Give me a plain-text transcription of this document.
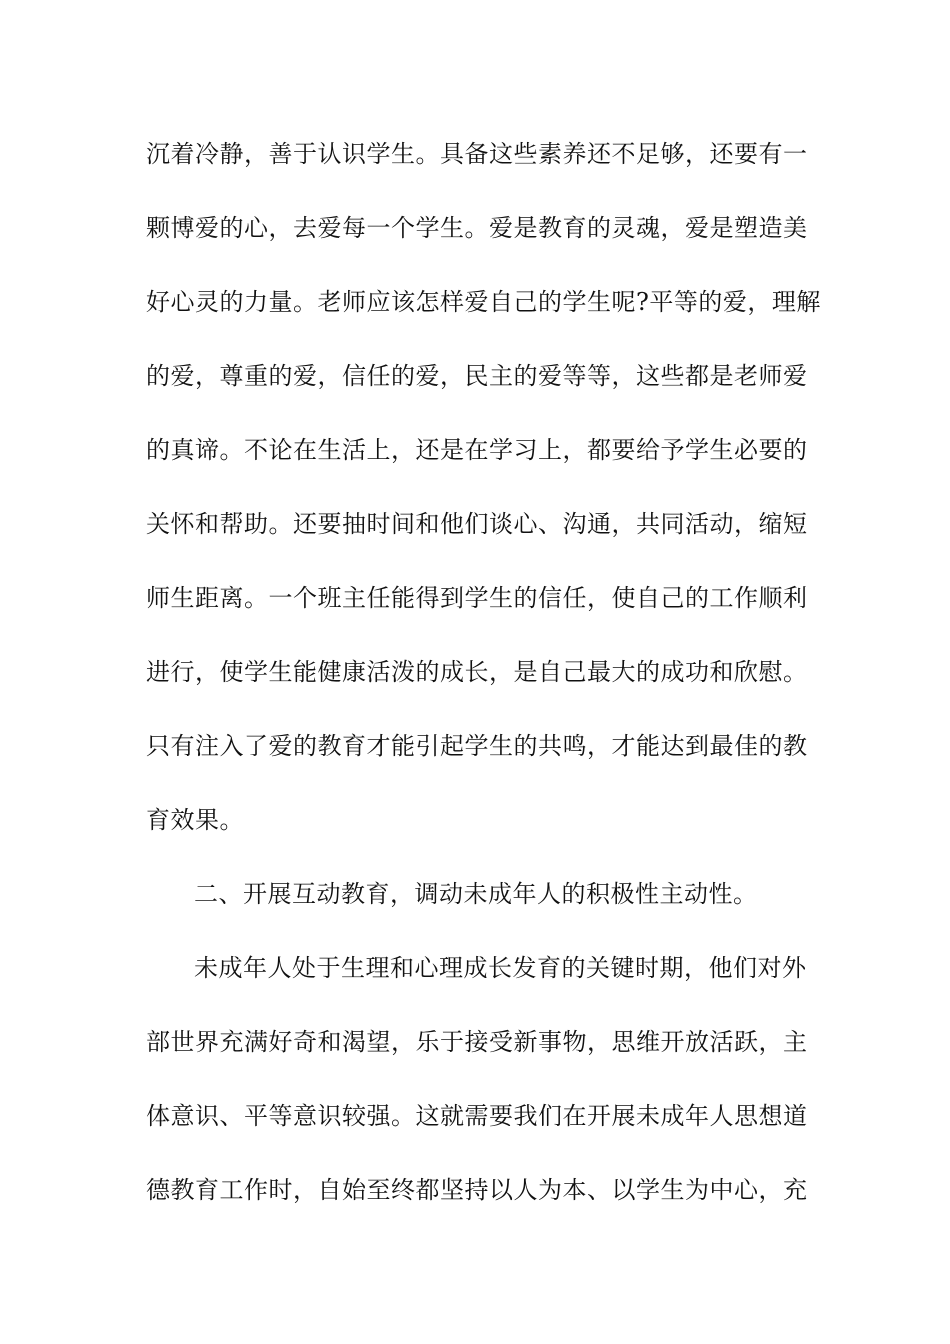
沉着冷静，善于认识学生。具备这些素养还不足够，还要有一
颗博爱的心，去爱每一个学生。爱是教育的灵魂，爱是塑造美
好心灵的力量。老师应该怎样爱自己的学生呢?平等的爱，理解
的爱，尊重的爱，信任的爱，民主的爱等等，这些都是老师爱
的真谛。不论在生活上，还是在学习上，都要给予学生必要的
关怀和帮助。还要抽时间和他们谈心、沟通，共同活动，缩短
师生距离。一个班主任能得到学生的信任，使自己的工作顺利
进行，使学生能健康活泼的成长，是自己最大的成功和欣慰。
只有注入了爱的教育才能引起学生的共鸣，才能达到最佳的教
育效果。
二、开展互动教育，调动未成年人的积极性主动性。
未成年人处于生理和心理成长发育的关键时期，他们对外
部世界充满好奇和渴望，乐于接受新事物，思维开放活跃，主
体意识、平等意识较强。这就需要我们在开展未成年人思想道
德教育工作时，自始至终都坚持以人为本、以学生为中心，充
